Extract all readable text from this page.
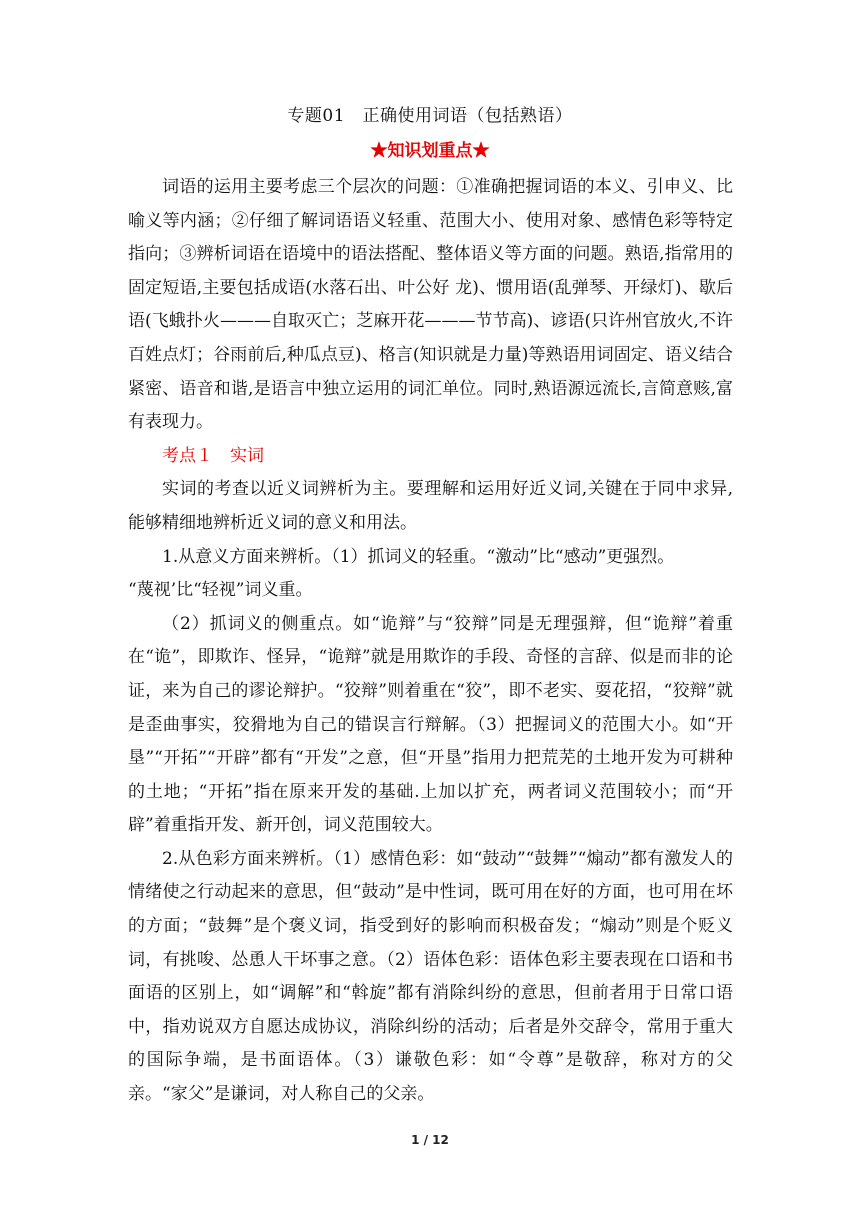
专题01　正确使用词语（包括熟语）
★知识划重点★

词语的运用主要考虑三个层次的问题：①准确把握词语的本义、引申义、比喻义等内涵；②仔细了解词语语义轻重、范围大小、使用对象、感情色彩等特定指向；③辨析词语在语境中的语法搭配、整体语义等方面的问题。熟语,指常用的固定短语,主要包括成语(水落石出、叶公好 龙)、惯用语(乱弹琴、开绿灯)、歇后语(飞蛾扑火———自取灭亡；芝麻开花———节节高)、谚语(只许州官放火,不许百姓点灯；谷雨前后,种瓜点豆)、格言(知识就是力量)等熟语用词固定、语义结合紧密、语音和谐,是语言中独立运用的词汇单位。同时,熟语源远流长,言简意赅,富有表现力。

考点１　实词

实词的考查以近义词辨析为主。要理解和运用好近义词,关键在于同中求异,能够精细地辨析近义词的意义和用法。

1.从意义方面来辨析。（1）抓词义的轻重。“激动”比“感动”更强烈。

“蔑视’比“轻视”词义重。

（2）抓词义的侧重点。如“诡辩”与“狡辩”同是无理强辩，但“诡辩”着重在“诡”，即欺诈、怪异，“诡辩”就是用欺诈的手段、奇怪的言辞、似是而非的论证，来为自己的谬论辩护。“狡辩”则着重在“狡”，即不老实、耍花招，“狡辩”就是歪曲事实，狡猾地为自己的错误言行辩解。（3）把握词义的范围大小。如“开垦”“开拓”“开辟”都有“开发”之意，但“开垦”指用力把荒芜的土地开发为可耕种的土地；“开拓”指在原来开发的基础.上加以扩充，两者词义范围较小；而“开辟”着重指开发、新开创，词义范围较大。

2.从色彩方面来辨析。（1）感情色彩：如“鼓动”“鼓舞”“煽动”都有激发人的情绪使之行动起来的意思，但“鼓动”是中性词，既可用在好的方面，也可用在坏的方面；“鼓舞”是个褒义词，指受到好的影响而积极奋发；“煽动”则是个贬义词，有挑唆、怂恿人干坏事之意。（2）语体色彩：语体色彩主要表现在口语和书面语的区别上，如“调解”和“斡旋”都有消除纠纷的意思，但前者用于日常口语中，指劝说双方自愿达成协议，消除纠纷的活动；后者是外交辞令，常用于重大的国际争端，是书面语体。（3）谦敬色彩：如“令尊”是敬辞，称对方的父亲。“家父”是谦词，对人称自己的父亲。

1 / 12
